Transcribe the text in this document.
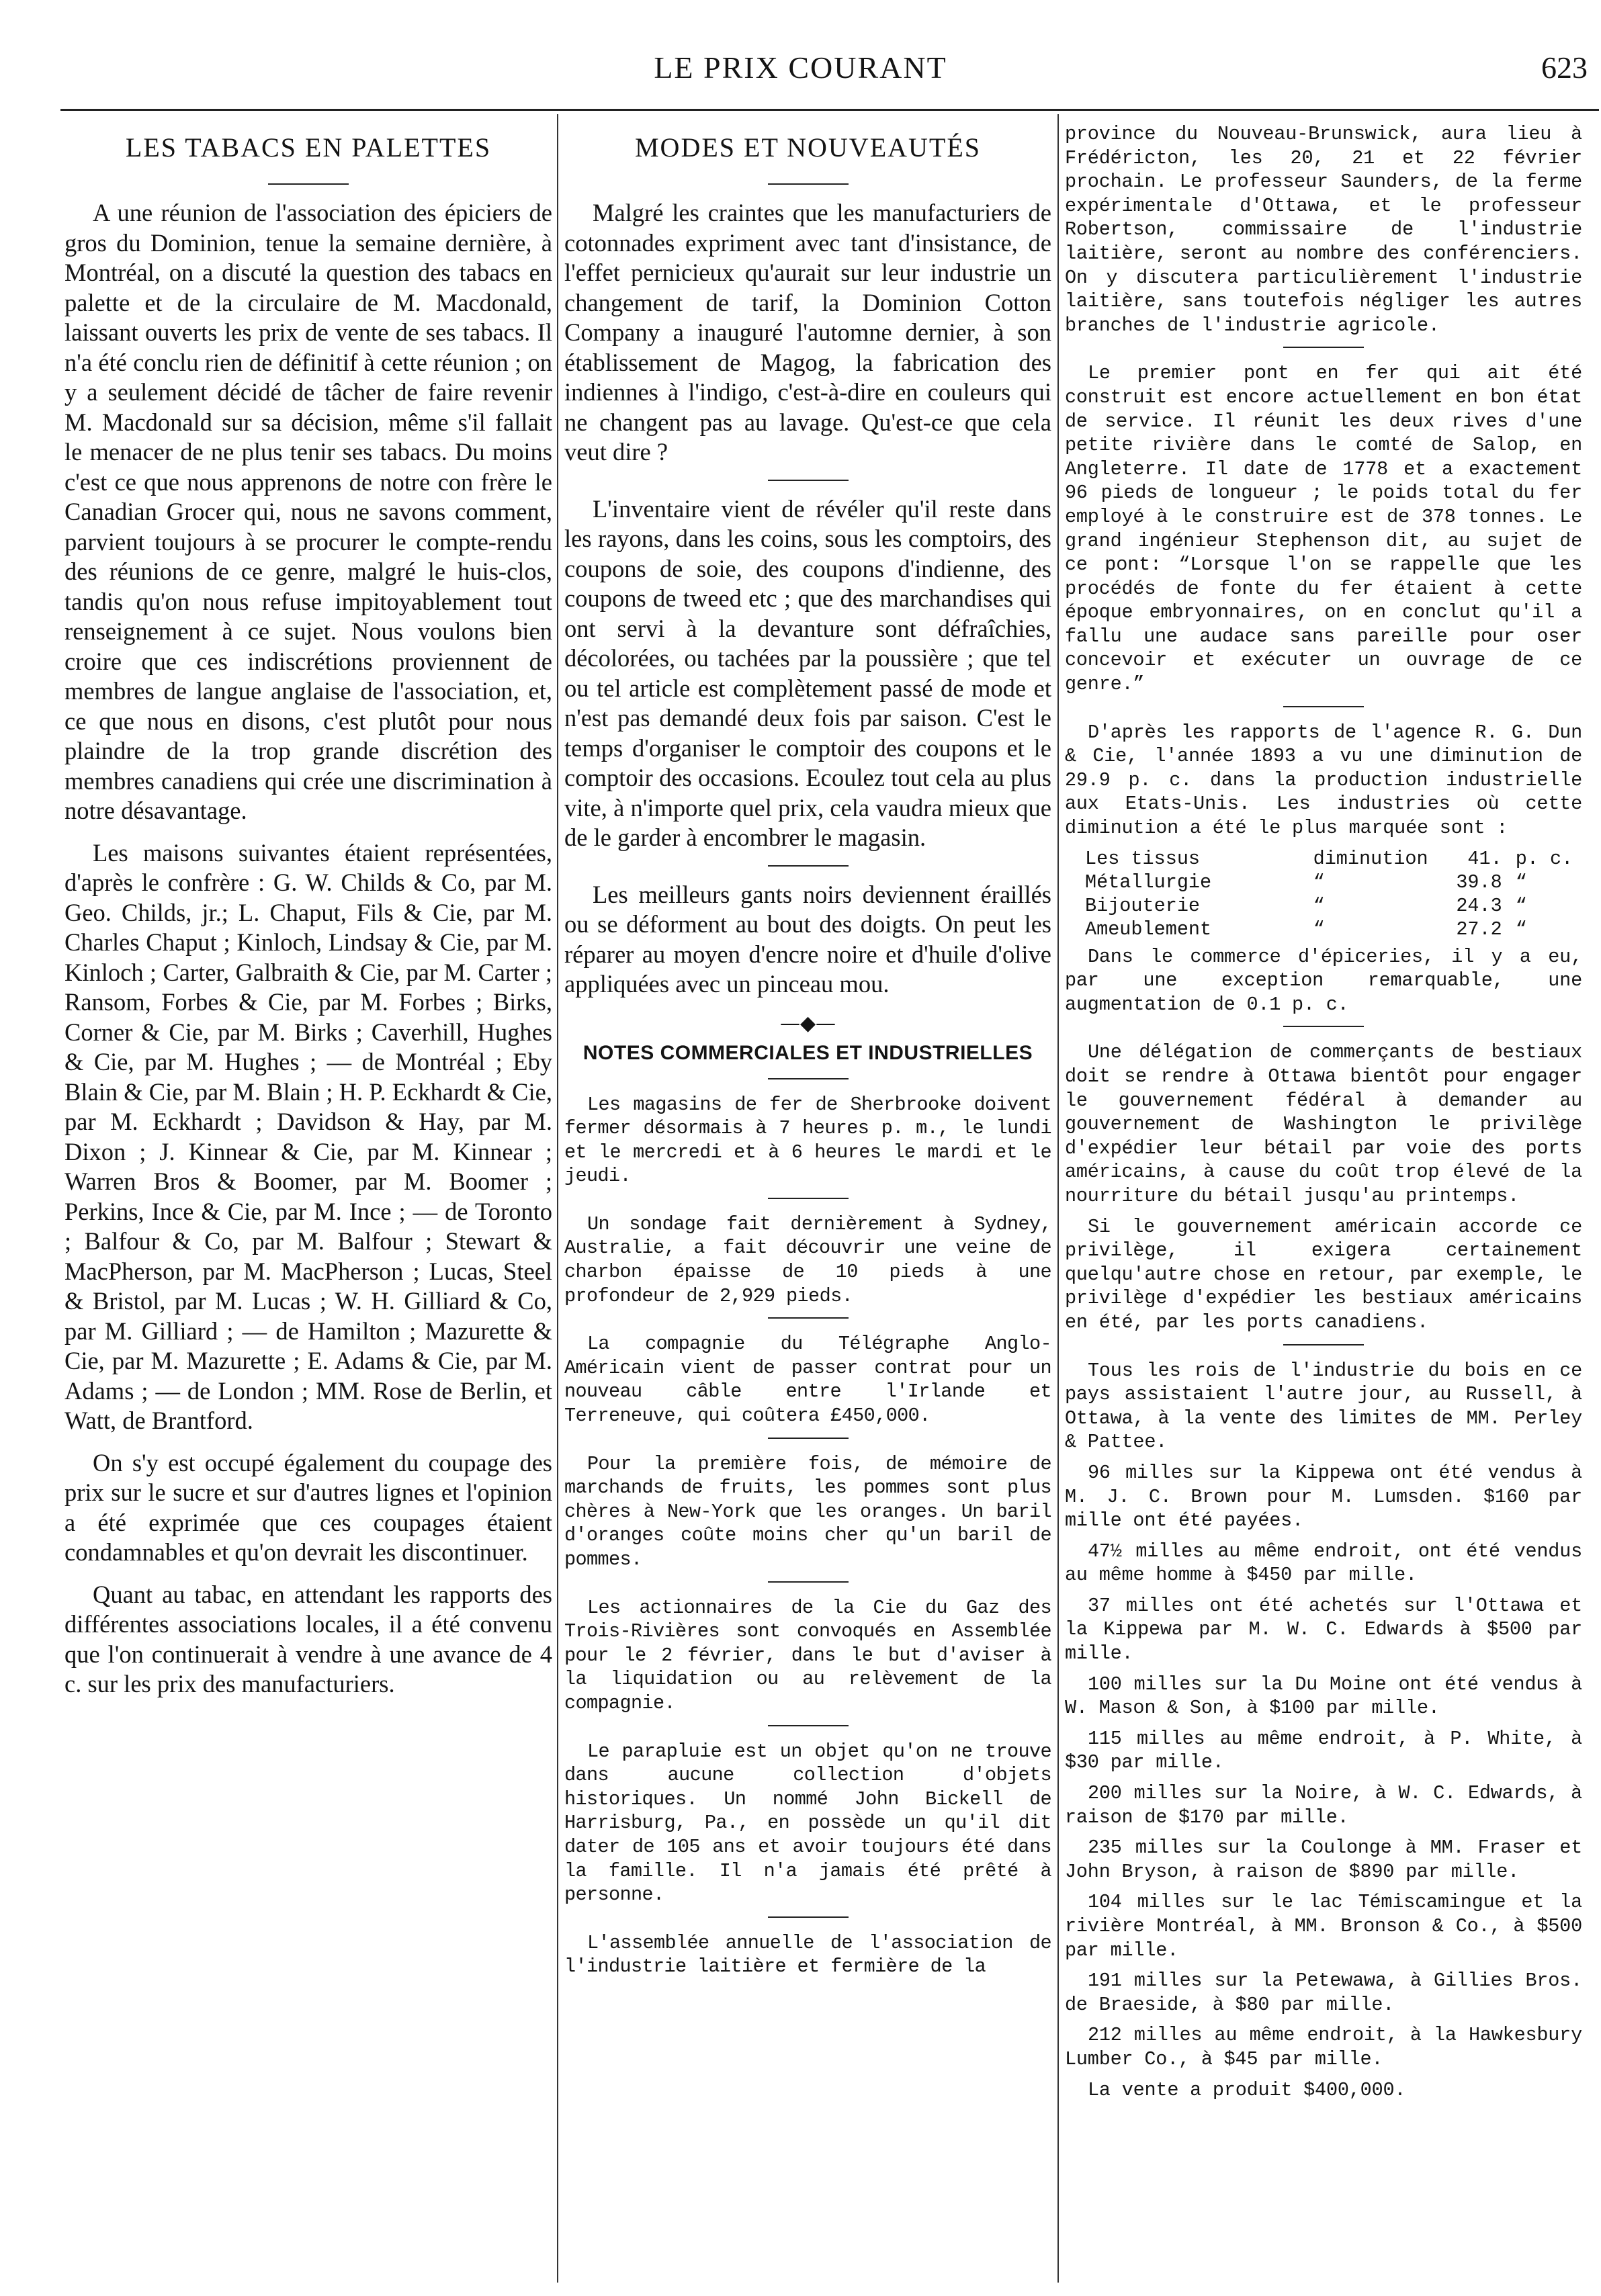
LE PRIX COURANT	623
LES TABACS EN PALETTES

A une réunion de l'association des épiciers de gros du Dominion, tenue la semaine dernière, à Montréal, on a discuté la question des tabacs en palette et de la circulaire de M. Macdonald, laissant ouverts les prix de vente de ses tabacs. Il n'a été conclu rien de définitif à cette réunion ; on y a seulement décidé de tâcher de faire revenir M. Macdonald sur sa décision, même s'il fallait le menacer de ne plus tenir ses tabacs. Du moins c'est ce que nous apprenons de notre con frère le Canadian Grocer qui, nous ne savons comment, parvient toujours à se procurer le compte-rendu des réunions de ce genre, malgré le huis-clos, tandis qu'on nous refuse impitoyablement tout renseignement à ce sujet. Nous voulons bien croire que ces indiscrétions proviennent de membres de langue anglaise de l'association, et, ce que nous en disons, c'est plutôt pour nous plaindre de la trop grande discrétion des membres canadiens qui crée une discrimination à notre désavantage.

Les maisons suivantes étaient représentées, d'après le confrère : G. W. Childs & Co, par M. Geo. Childs, jr.; L. Chaput, Fils & Cie, par M. Charles Chaput ; Kinloch, Lindsay & Cie, par M. Kinloch ; Carter, Galbraith & Cie, par M. Carter ; Ransom, Forbes & Cie, par M. Forbes ; Birks, Corner & Cie, par M. Birks ; Caverhill, Hughes & Cie, par M. Hughes ; — de Montréal ; Eby Blain & Cie, par M. Blain ; H. P. Eckhardt & Cie, par M. Eckhardt ; Davidson & Hay, par M. Dixon ; J. Kinnear & Cie, par M. Kinnear ; Warren Bros & Boomer, par M. Boomer ; Perkins, Ince & Cie, par M. Ince ; — de Toronto ; Balfour & Co, par M. Balfour ; Stewart & MacPherson, par M. MacPherson ; Lucas, Steel & Bristol, par M. Lucas ; W. H. Gilliard & Co, par M. Gilliard ; — de Hamilton ; Mazurette & Cie, par M. Mazurette ; E. Adams & Cie, par M. Adams ; — de London ; MM. Rose de Berlin, et Watt, de Brantford.

On s'y est occupé également du coupage des prix sur le sucre et sur d'autres lignes et l'opinion a été exprimée que ces coupages étaient condamnables et qu'on devrait les discontinuer.

Quant au tabac, en attendant les rapports des différentes associations locales, il a été convenu que l'on continuerait à vendre à une avance de 4 c. sur les prix des manufacturiers.

MODES ET NOUVEAUTÉS

Malgré les craintes que les manufacturiers de cotonnades expriment avec tant d'insistance, de l'effet pernicieux qu'aurait sur leur industrie un changement de tarif, la Dominion Cotton Company a inauguré l'automne dernier, à son établissement de Magog, la fabrication des indiennes à l'indigo, c'est-à-dire en couleurs qui ne changent pas au lavage. Qu'est-ce que cela veut dire ?

L'inventaire vient de révéler qu'il reste dans les rayons, dans les coins, sous les comptoirs, des coupons de soie, des coupons d'indienne, des coupons de tweed etc ; que des marchandises qui ont servi à la devanture sont défraîchies, décolorées, ou tachées par la poussière ; que tel ou tel article est complètement passé de mode et n'est pas demandé deux fois par saison. C'est le temps d'organiser le comptoir des coupons et le comptoir des occasions. Ecoulez tout cela au plus vite, à n'importe quel prix, cela vaudra mieux que de le garder à encombrer le magasin.

Les meilleurs gants noirs deviennent éraillés ou se déforment au bout des doigts. On peut les réparer au moyen d'encre noire et d'huile d'olive appliquées avec un pinceau mou.

—◆—
NOTES COMMERCIALES ET INDUSTRIELLES

Les magasins de fer de Sherbrooke doivent fermer désormais à 7 heures p. m., le lundi et le mercredi et à 6 heures le mardi et le jeudi.

Un sondage fait dernièrement à Sydney, Australie, a fait découvrir une veine de charbon épaisse de 10 pieds à une profondeur de 2,929 pieds.

La compagnie du Télégraphe Anglo-Américain vient de passer contrat pour un nouveau câble entre l'Irlande et Terreneuve, qui coûtera £450,000.

Pour la première fois, de mémoire de marchands de fruits, les pommes sont plus chères à New-York que les oranges. Un baril d'oranges coûte moins cher qu'un baril de pommes.

Les actionnaires de la Cie du Gaz des Trois-Rivières sont convoqués en Assemblée pour le 2 février, dans le but d'aviser à la liquidation ou au relèvement de la compagnie.

Le parapluie est un objet qu'on ne trouve dans aucune collection d'objets historiques. Un nommé John Bickell de Harrisburg, Pa., en possède un qu'il dit dater de 105 ans et avoir toujours été dans la famille. Il n'a jamais été prêté à personne.

L'assemblée annuelle de l'association de l'industrie laitière et fermière de la

province du Nouveau-Brunswick, aura lieu à Frédéricton, les 20, 21 et 22 février prochain. Le professeur Saunders, de la ferme expérimentale d'Ottawa, et le professeur Robertson, commissaire de l'industrie laitière, seront au nombre des conférenciers. On y discutera particulièrement l'industrie laitière, sans toutefois négliger les autres branches de l'industrie agricole.

Le premier pont en fer qui ait été construit est encore actuellement en bon état de service. Il réunit les deux rives d'une petite rivière dans le comté de Salop, en Angleterre. Il date de 1778 et a exactement 96 pieds de longueur ; le poids total du fer employé à le construire est de 378 tonnes. Le grand ingénieur Stephenson dit, au sujet de ce pont: “Lorsque l'on se rappelle que les procédés de fonte du fer étaient à cette époque embryonnaires, on en conclut qu'il a fallu une audace sans pareille pour oser concevoir et exécuter un ouvrage de ce genre.”

D'après les rapports de l'agence R. G. Dun & Cie, l'année 1893 a vu une diminution de 29.9 p. c. dans la production industrielle aux Etats-Unis. Les industries où cette diminution a été le plus marquée sont :

Les tissus	diminution	41.	p. c.
Métallurgie	“	39.8	“
Bijouterie	“	24.3	“
Ameublement	“	27.2	“

Dans le commerce d'épiceries, il y a eu, par une exception remarquable, une augmentation de 0.1 p. c.

Une délégation de commerçants de bestiaux doit se rendre à Ottawa bientôt pour engager le gouvernement fédéral à demander au gouvernement de Washington le privilège d'expédier leur bétail par voie des ports américains, à cause du coût trop élevé de la nourriture du bétail jusqu'au printemps.

Si le gouvernement américain accorde ce privilège, il exigera certainement quelqu'autre chose en retour, par exemple, le privilège d'expédier les bestiaux américains en été, par les ports canadiens.

Tous les rois de l'industrie du bois en ce pays assistaient l'autre jour, au Russell, à Ottawa, à la vente des limites de MM. Perley & Pattee.

96 milles sur la Kippewa ont été vendus à M. J. C. Brown pour M. Lumsden. $160 par mille ont été payées.

47½ milles au même endroit, ont été vendus au même homme à $450 par mille.

37 milles ont été achetés sur l'Ottawa et la Kippewa par M. W. C. Edwards à $500 par mille.

100 milles sur la Du Moine ont été vendus à W. Mason & Son, à $100 par mille.

115 milles au même endroit, à P. White, à $30 par mille.

200 milles sur la Noire, à W. C. Edwards, à raison de $170 par mille.

235 milles sur la Coulonge à MM. Fraser et John Bryson, à raison de $890 par mille.

104 milles sur le lac Témiscamingue et la rivière Montréal, à MM. Bronson & Co., à $500 par mille.

191 milles sur la Petewawa, à Gillies Bros. de Braeside, à $80 par mille.

212 milles au même endroit, à la Hawkesbury Lumber Co., à $45 par mille.

La vente a produit $400,000.
